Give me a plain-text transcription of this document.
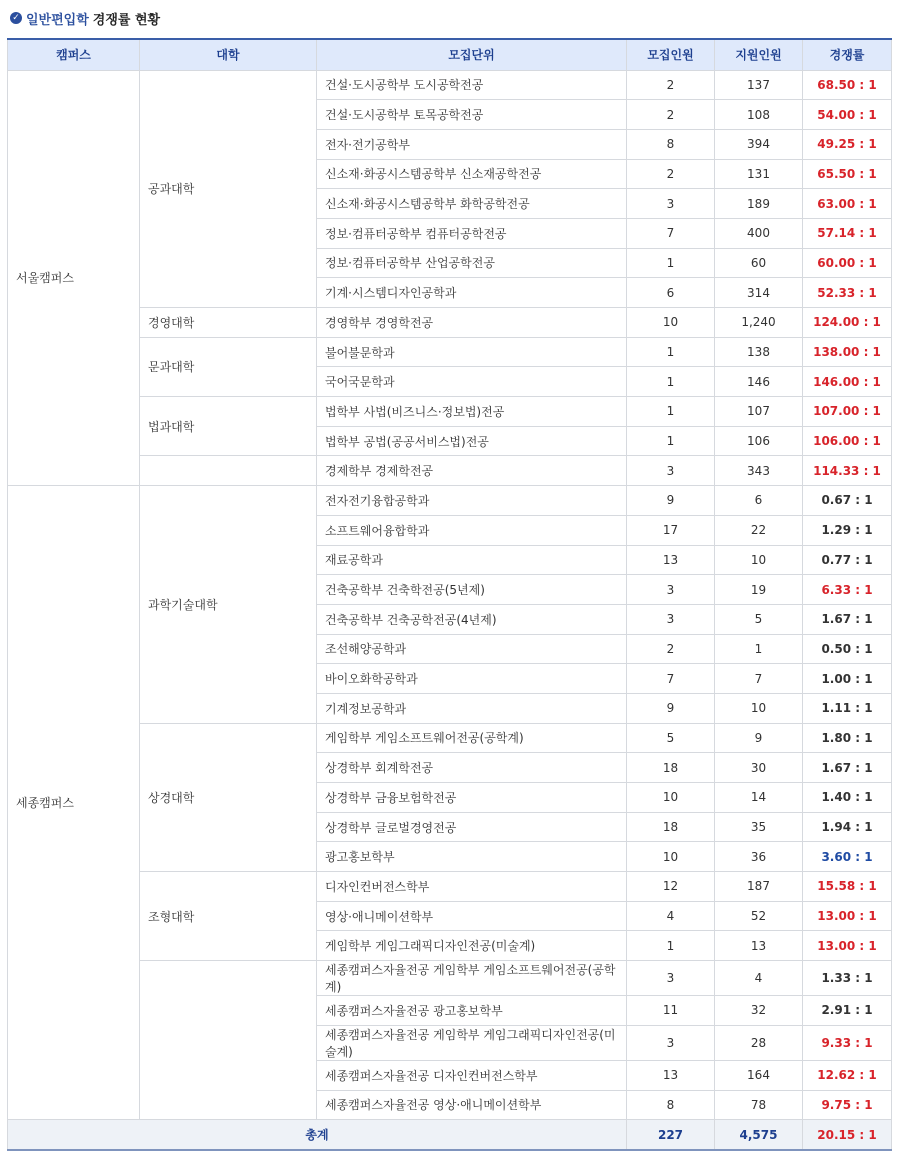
✓ 일반편입학 경쟁률 현황
캠퍼스	대학	모집단위	모집인원	지원인원	경쟁률
서울캠퍼스	공과대학	건설·도시공학부 도시공학전공	2	137	68.50 : 1
		건설·도시공학부 토목공학전공	2	108	54.00 : 1
		전자·전기공학부	8	394	49.25 : 1
		신소재·화공시스템공학부 신소재공학전공	2	131	65.50 : 1
		신소재·화공시스템공학부 화학공학전공	3	189	63.00 : 1
		정보·컴퓨터공학부 컴퓨터공학전공	7	400	57.14 : 1
		정보·컴퓨터공학부 산업공학전공	1	60	60.00 : 1
		기계·시스템디자인공학과	6	314	52.33 : 1
	경영대학	경영학부 경영학전공	10	1,240	124.00 : 1
	문과대학	불어불문학과	1	138	138.00 : 1
		국어국문학과	1	146	146.00 : 1
	법과대학	법학부 사법(비즈니스·정보법)전공	1	107	107.00 : 1
		법학부 공법(공공서비스법)전공	1	106	106.00 : 1
		경제학부 경제학전공	3	343	114.33 : 1
세종캠퍼스	과학기술대학	전자전기융합공학과	9	6	0.67 : 1
		소프트웨어융합학과	17	22	1.29 : 1
		재료공학과	13	10	0.77 : 1
		건축공학부 건축학전공(5년제)	3	19	6.33 : 1
		건축공학부 건축공학전공(4년제)	3	5	1.67 : 1
		조선해양공학과	2	1	0.50 : 1
		바이오화학공학과	7	7	1.00 : 1
		기계정보공학과	9	10	1.11 : 1
	상경대학	게임학부 게임소프트웨어전공(공학계)	5	9	1.80 : 1
		상경학부 회계학전공	18	30	1.67 : 1
		상경학부 금융보험학전공	10	14	1.40 : 1
		상경학부 글로벌경영전공	18	35	1.94 : 1
		광고홍보학부	10	36	3.60 : 1
	조형대학	디자인컨버전스학부	12	187	15.58 : 1
		영상·애니메이션학부	4	52	13.00 : 1
		게임학부 게임그래픽디자인전공(미술계)	1	13	13.00 : 1
		세종캠퍼스자율전공 게임학부 게임소프트웨어전공(공학계)	3	4	1.33 : 1
		세종캠퍼스자율전공 광고홍보학부	11	32	2.91 : 1
		세종캠퍼스자율전공 게임학부 게임그래픽디자인전공(미술계)	3	28	9.33 : 1
		세종캠퍼스자율전공 디자인컨버전스학부	13	164	12.62 : 1
		세종캠퍼스자율전공 영상·애니메이션학부	8	78	9.75 : 1
총계			227	4,575	20.15 : 1
